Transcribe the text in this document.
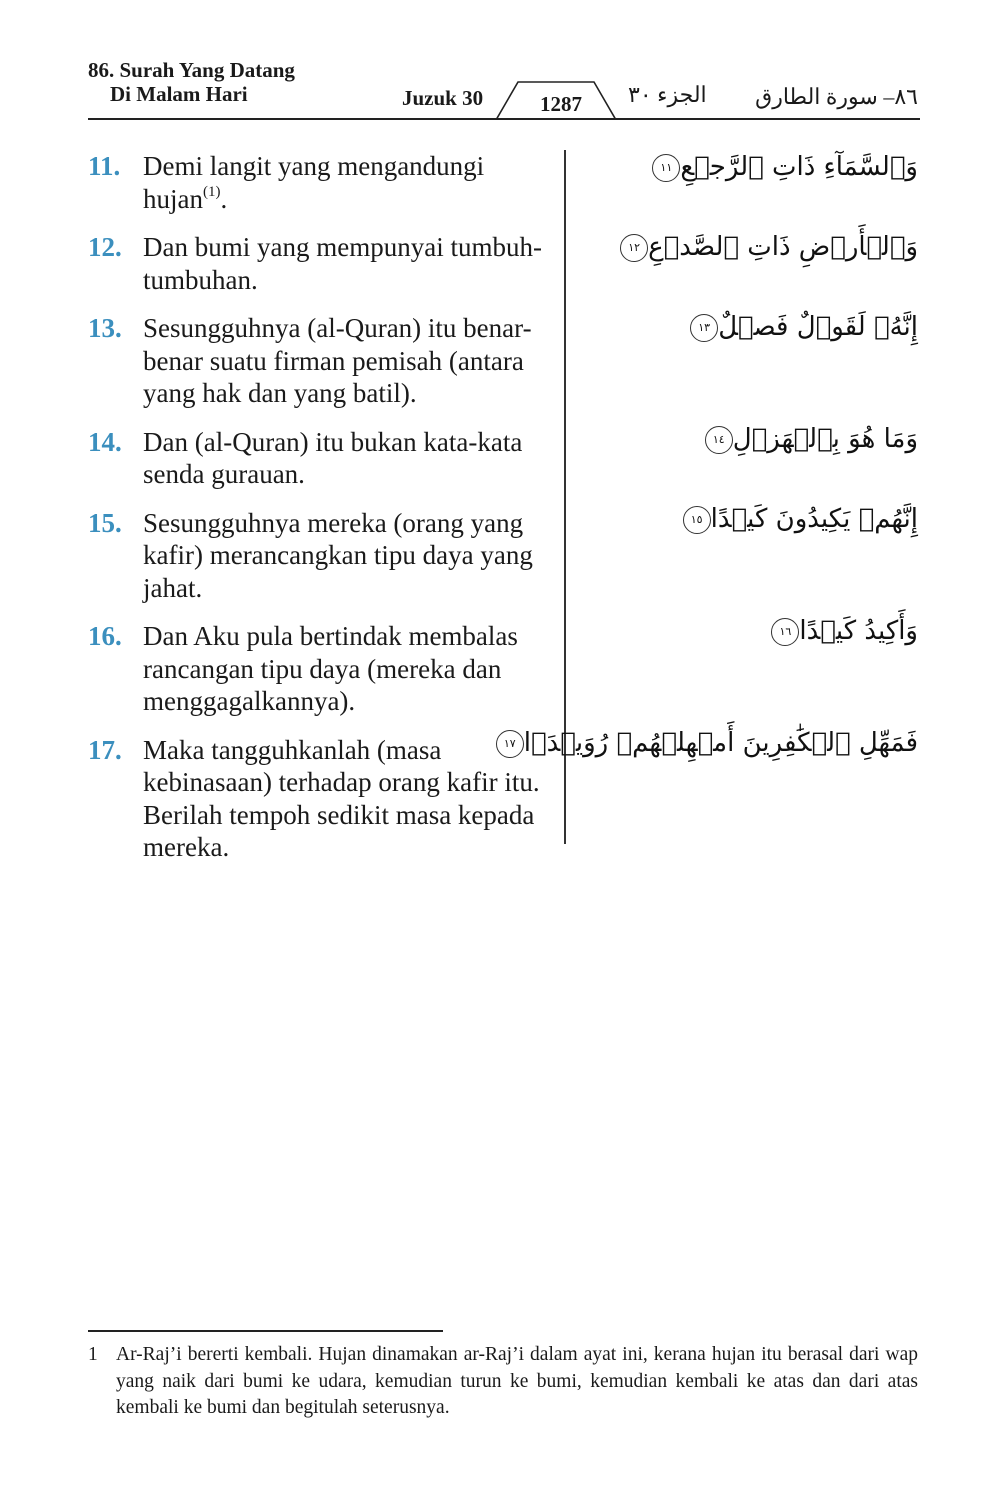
86. Surah Yang Datang
Di Malam Hari	Juzuk 30	1287 الجزء ٣٠ ٨٦– سورة الطارق
11. Demi langit yang mengandungi hujan$^{(1)}$.
12. Dan bumi yang mempunyai tumbuh-tumbuhan.
13. Sesungguhnya (al-Quran) itu benar-benar suatu firman pemisah (antara yang hak dan yang batil).
14. Dan (al-Quran) itu bukan kata-kata senda gurauan.
15. Sesungguhnya mereka (orang yang kafir) merancangkan tipu daya yang jahat.
16. Dan Aku pula bertindak membalas rancangan tipu daya (mereka dan menggagalkannya).
17. Maka tangguhkanlah (masa kebinasaan) terhadap orang kafir itu. Berilah tempoh sedikit masa kepada mereka.
وَٱلسَّمَآءِ ذَاتِ ٱلرَّجۡعِ١١
وَٱلۡأَرۡضِ ذَاتِ ٱلصَّدۡعِ١٢
إِنَّهُۥ لَقَوۡلٌ فَصۡلٌ١٣
وَمَا هُوَ بِٱلۡهَزۡلِ١٤
إِنَّهُمۡ يَكِيدُونَ كَيۡدًا١٥
وَأَكِيدُ كَيۡدًا١٦
فَمَهِّلِ ٱلۡكَٰفِرِينَ أَمۡهِلۡهُمۡ رُوَيۡدَۢا١٧
1 Ar-Raj’i bererti kembali. Hujan dinamakan ar-Raj’i dalam ayat ini, kerana hujan itu berasal dari wap yang naik dari bumi ke udara, kemudian turun ke bumi, kemudian kembali ke atas dan dari atas kembali ke bumi dan begitulah seterusnya.
